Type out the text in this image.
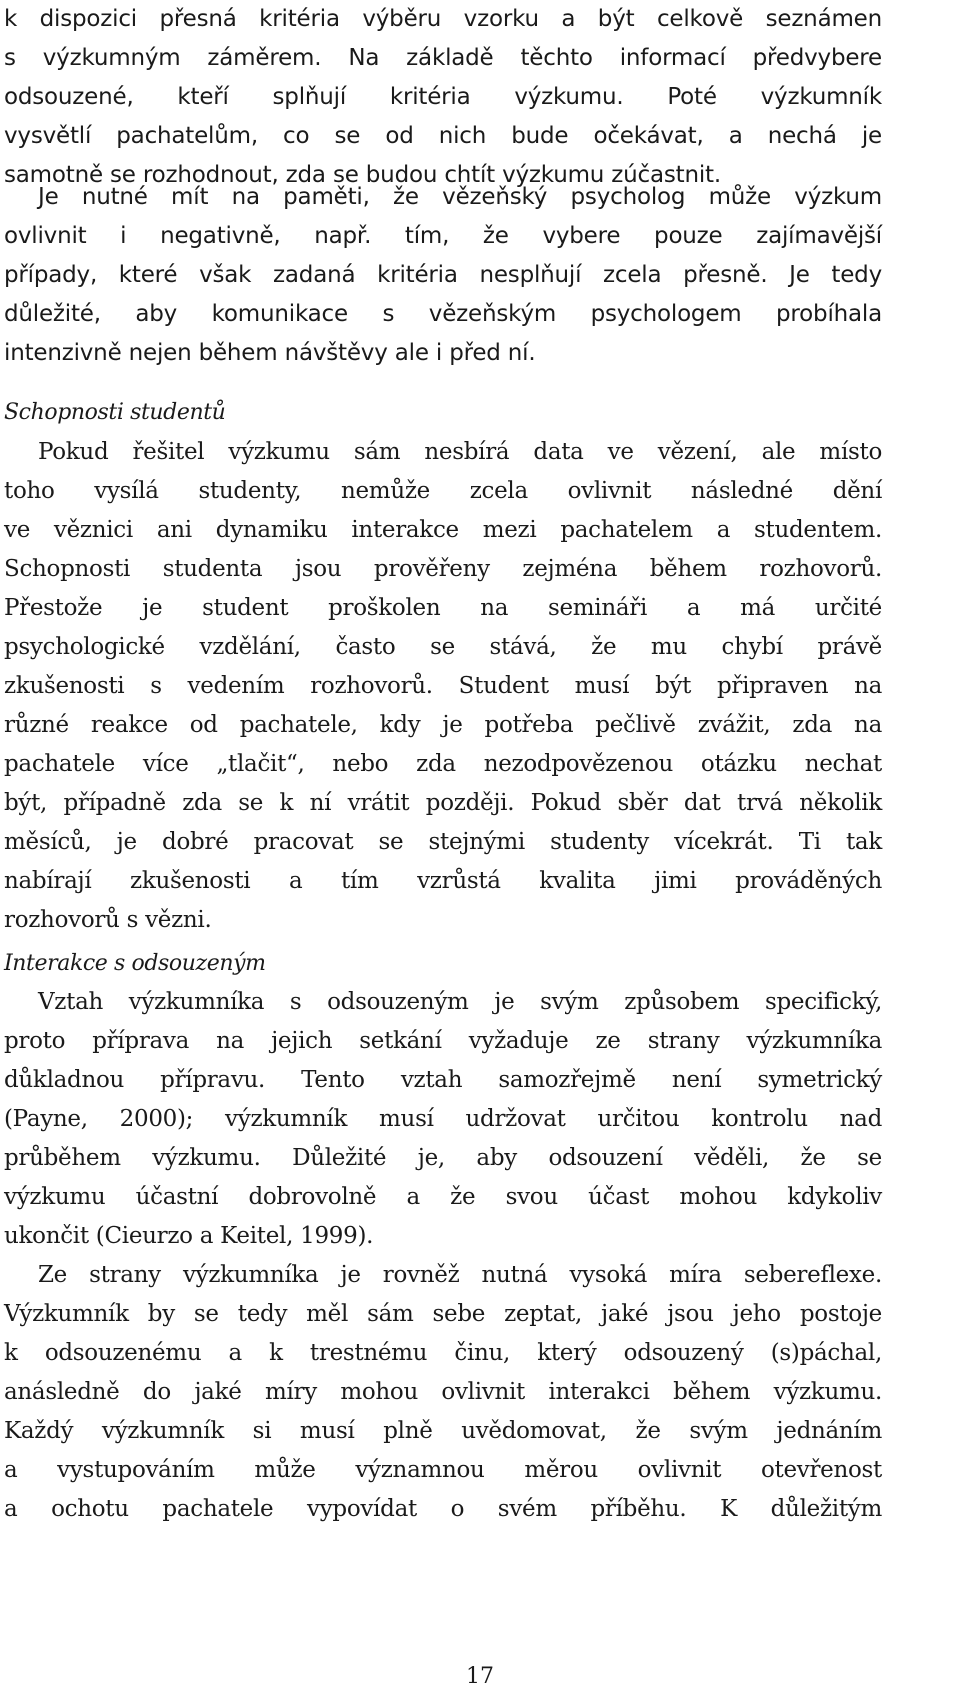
k dispozici přesná kritéria výběru vzorku a být celkově seznámen
s výzkumným záměrem. Na základě těchto informací předvybere
odsouzené, kteří splňují kritéria výzkumu. Poté výzkumník
vysvětlí pachatelům, co se od nich bude očekávat, a nechá je
samotně se rozhodnout, zda se budou chtít výzkumu zúčastnit.
Je nutné mít na paměti, že vězeňský psycholog může výzkum
ovlivnit i negativně, např. tím, že vybere pouze zajímavější
případy, které však zadaná kritéria nesplňují zcela přesně. Je tedy
důležité, aby komunikace s vězeňským psychologem probíhala
intenzivně nejen během návštěvy ale i před ní.
Schopnosti studentů
Pokud řešitel výzkumu sám nesbírá data ve vězení, ale místo
toho vysílá studenty, nemůže zcela ovlivnit následné dění
ve věznici ani dynamiku interakce mezi pachatelem a studentem.
Schopnosti studenta jsou prověřeny zejména během rozhovorů.
Přestože je student proškolen na semináři a má určité
psychologické vzdělání, často se stává, že mu chybí právě
zkušenosti s vedením rozhovorů. Student musí být připraven na
různé reakce od pachatele, kdy je potřeba pečlivě zvážit, zda na
pachatele více „tlačit“, nebo zda nezodpovězenou otázku nechat
být, případně zda se k ní vrátit později. Pokud sběr dat trvá několik
měsíců, je dobré pracovat se stejnými studenty vícekrát. Ti tak
nabírají zkušenosti a tím vzrůstá kvalita jimi prováděných
rozhovorů s vězni.
Interakce s odsouzeným
Vztah výzkumníka s odsouzeným je svým způsobem specifický,
proto příprava na jejich setkání vyžaduje ze strany výzkumníka
důkladnou přípravu. Tento vztah samozřejmě není symetrický
(Payne, 2000); výzkumník musí udržovat určitou kontrolu nad
průběhem výzkumu. Důležité je, aby odsouzení věděli, že se
výzkumu účastní dobrovolně a že svou účast mohou kdykoliv
ukončit (Cieurzo a Keitel, 1999).
Ze strany výzkumníka je rovněž nutná vysoká míra sebereflexe.
Výzkumník by se tedy měl sám sebe zeptat, jaké jsou jeho postoje
k odsouzenému a k trestnému činu, který odsouzený (s)páchal,
anásledně do jaké míry mohou ovlivnit interakci během výzkumu.
Každý výzkumník si musí plně uvědomovat, že svým jednáním
a vystupováním může významnou měrou ovlivnit otevřenost
a ochotu pachatele vypovídat o svém příběhu. K důležitým
17
